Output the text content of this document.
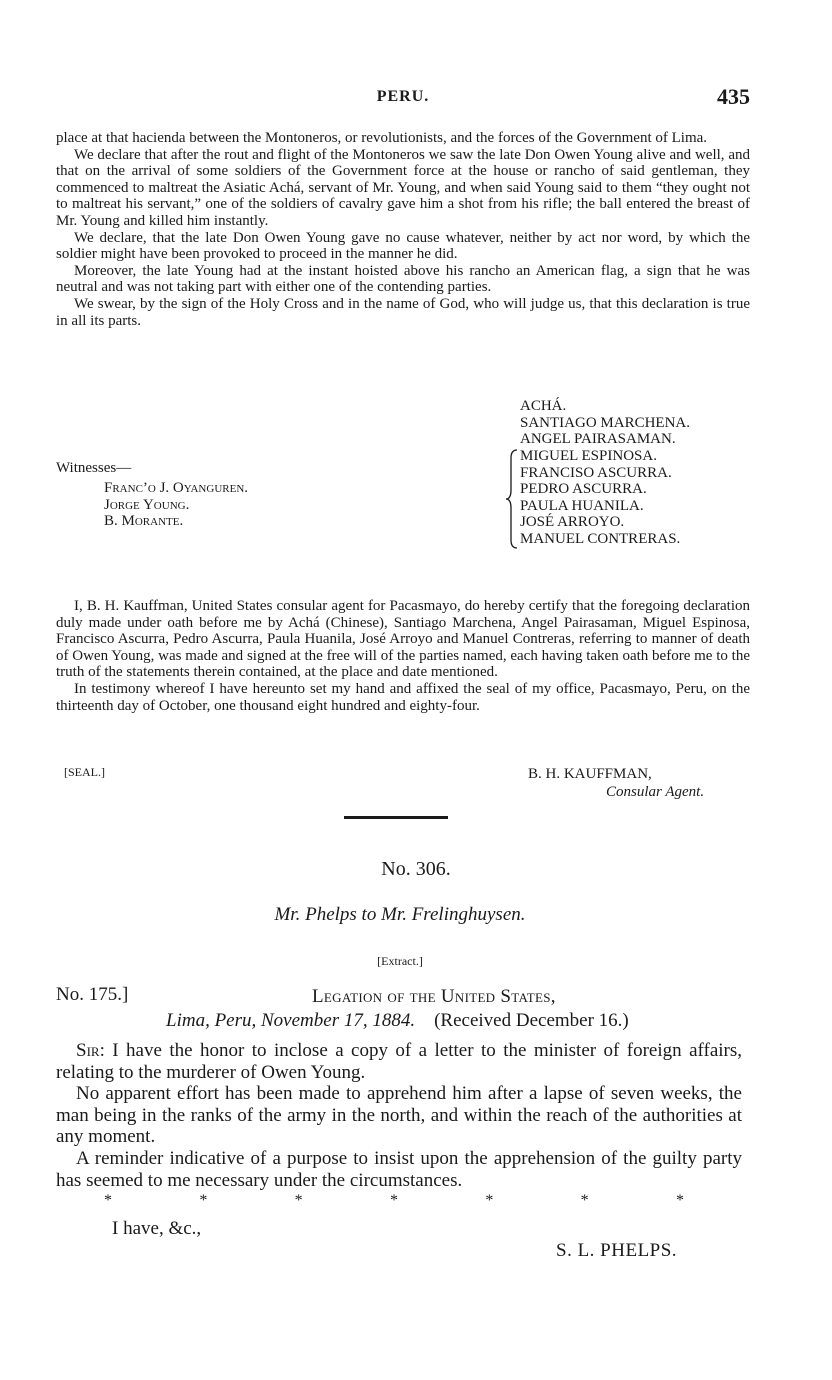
PERU.	435

place at that hacienda between the Montoneros, or revolutionists, and the forces of the Government of Lima.

We declare that after the rout and flight of the Montoneros we saw the late Don Owen Young alive and well, and that on the arrival of some soldiers of the Government force at the house or rancho of said gentleman, they commenced to maltreat the Asiatic Achá, servant of Mr. Young, and when said Young said to them “they ought not to maltreat his servant,” one of the soldiers of cavalry gave him a shot from his rifle; the ball entered the breast of Mr. Young and killed him instantly.

We declare, that the late Don Owen Young gave no cause whatever, neither by act nor word, by which the soldier might have been provoked to proceed in the manner he did.

Moreover, the late Young had at the instant hoisted above his rancho an American flag, a sign that he was neutral and was not taking part with either one of the contending parties.

We swear, by the sign of the Holy Cross and in the name of God, who will judge us, that this declaration is true in all its parts.

ACHÁ.
SANTIAGO MARCHENA.
ANGEL PAIRASAMAN.
MIGUEL ESPINOSA.
FRANCISO ASCURRA.
PEDRO ASCURRA.
PAULA HUANILA.
JOSÉ ARROYO.
MANUEL CONTRERAS.
Witnesses—
Franc’o J. Oyanguren.
Jorge Young.
B. Morante.

I, B. H. Kauffman, United States consular agent for Pacasmayo, do hereby certify that the foregoing declaration duly made under oath before me by Achá (Chinese), Santiago Marchena, Angel Pairasaman, Miguel Espinosa, Francisco Ascurra, Pedro Ascurra, Paula Huanila, José Arroyo and Manuel Contreras, referring to manner of death of Owen Young, was made and signed at the free will of the parties named, each having taken oath before me to the truth of the statements therein contained, at the place and date mentioned.

In testimony whereof I have hereunto set my hand and affixed the seal of my office, Pacasmayo, Peru, on the thirteenth day of October, one thousand eight hundred and eighty-four.

[SEAL.]	B. H. KAUFFMAN,
Consular Agent.
No. 306.
Mr. Phelps to Mr. Frelinghuysen.
[Extract.]
No. 175.]	Legation of the United States,
Lima, Peru, November 17, 1884. (Received December 16.)

Sir: I have the honor to inclose a copy of a letter to the minister of foreign affairs, relating to the murderer of Owen Young.

No apparent effort has been made to apprehend him after a lapse of seven weeks, the man being in the ranks of the army in the north, and within the reach of the authorities at any moment.

A reminder indicative of a purpose to insist upon the apprehension of the guilty party has seemed to me necessary under the circumstances.

*	*	*	*	*	*	*
I have, &c.,
S. L. PHELPS.
